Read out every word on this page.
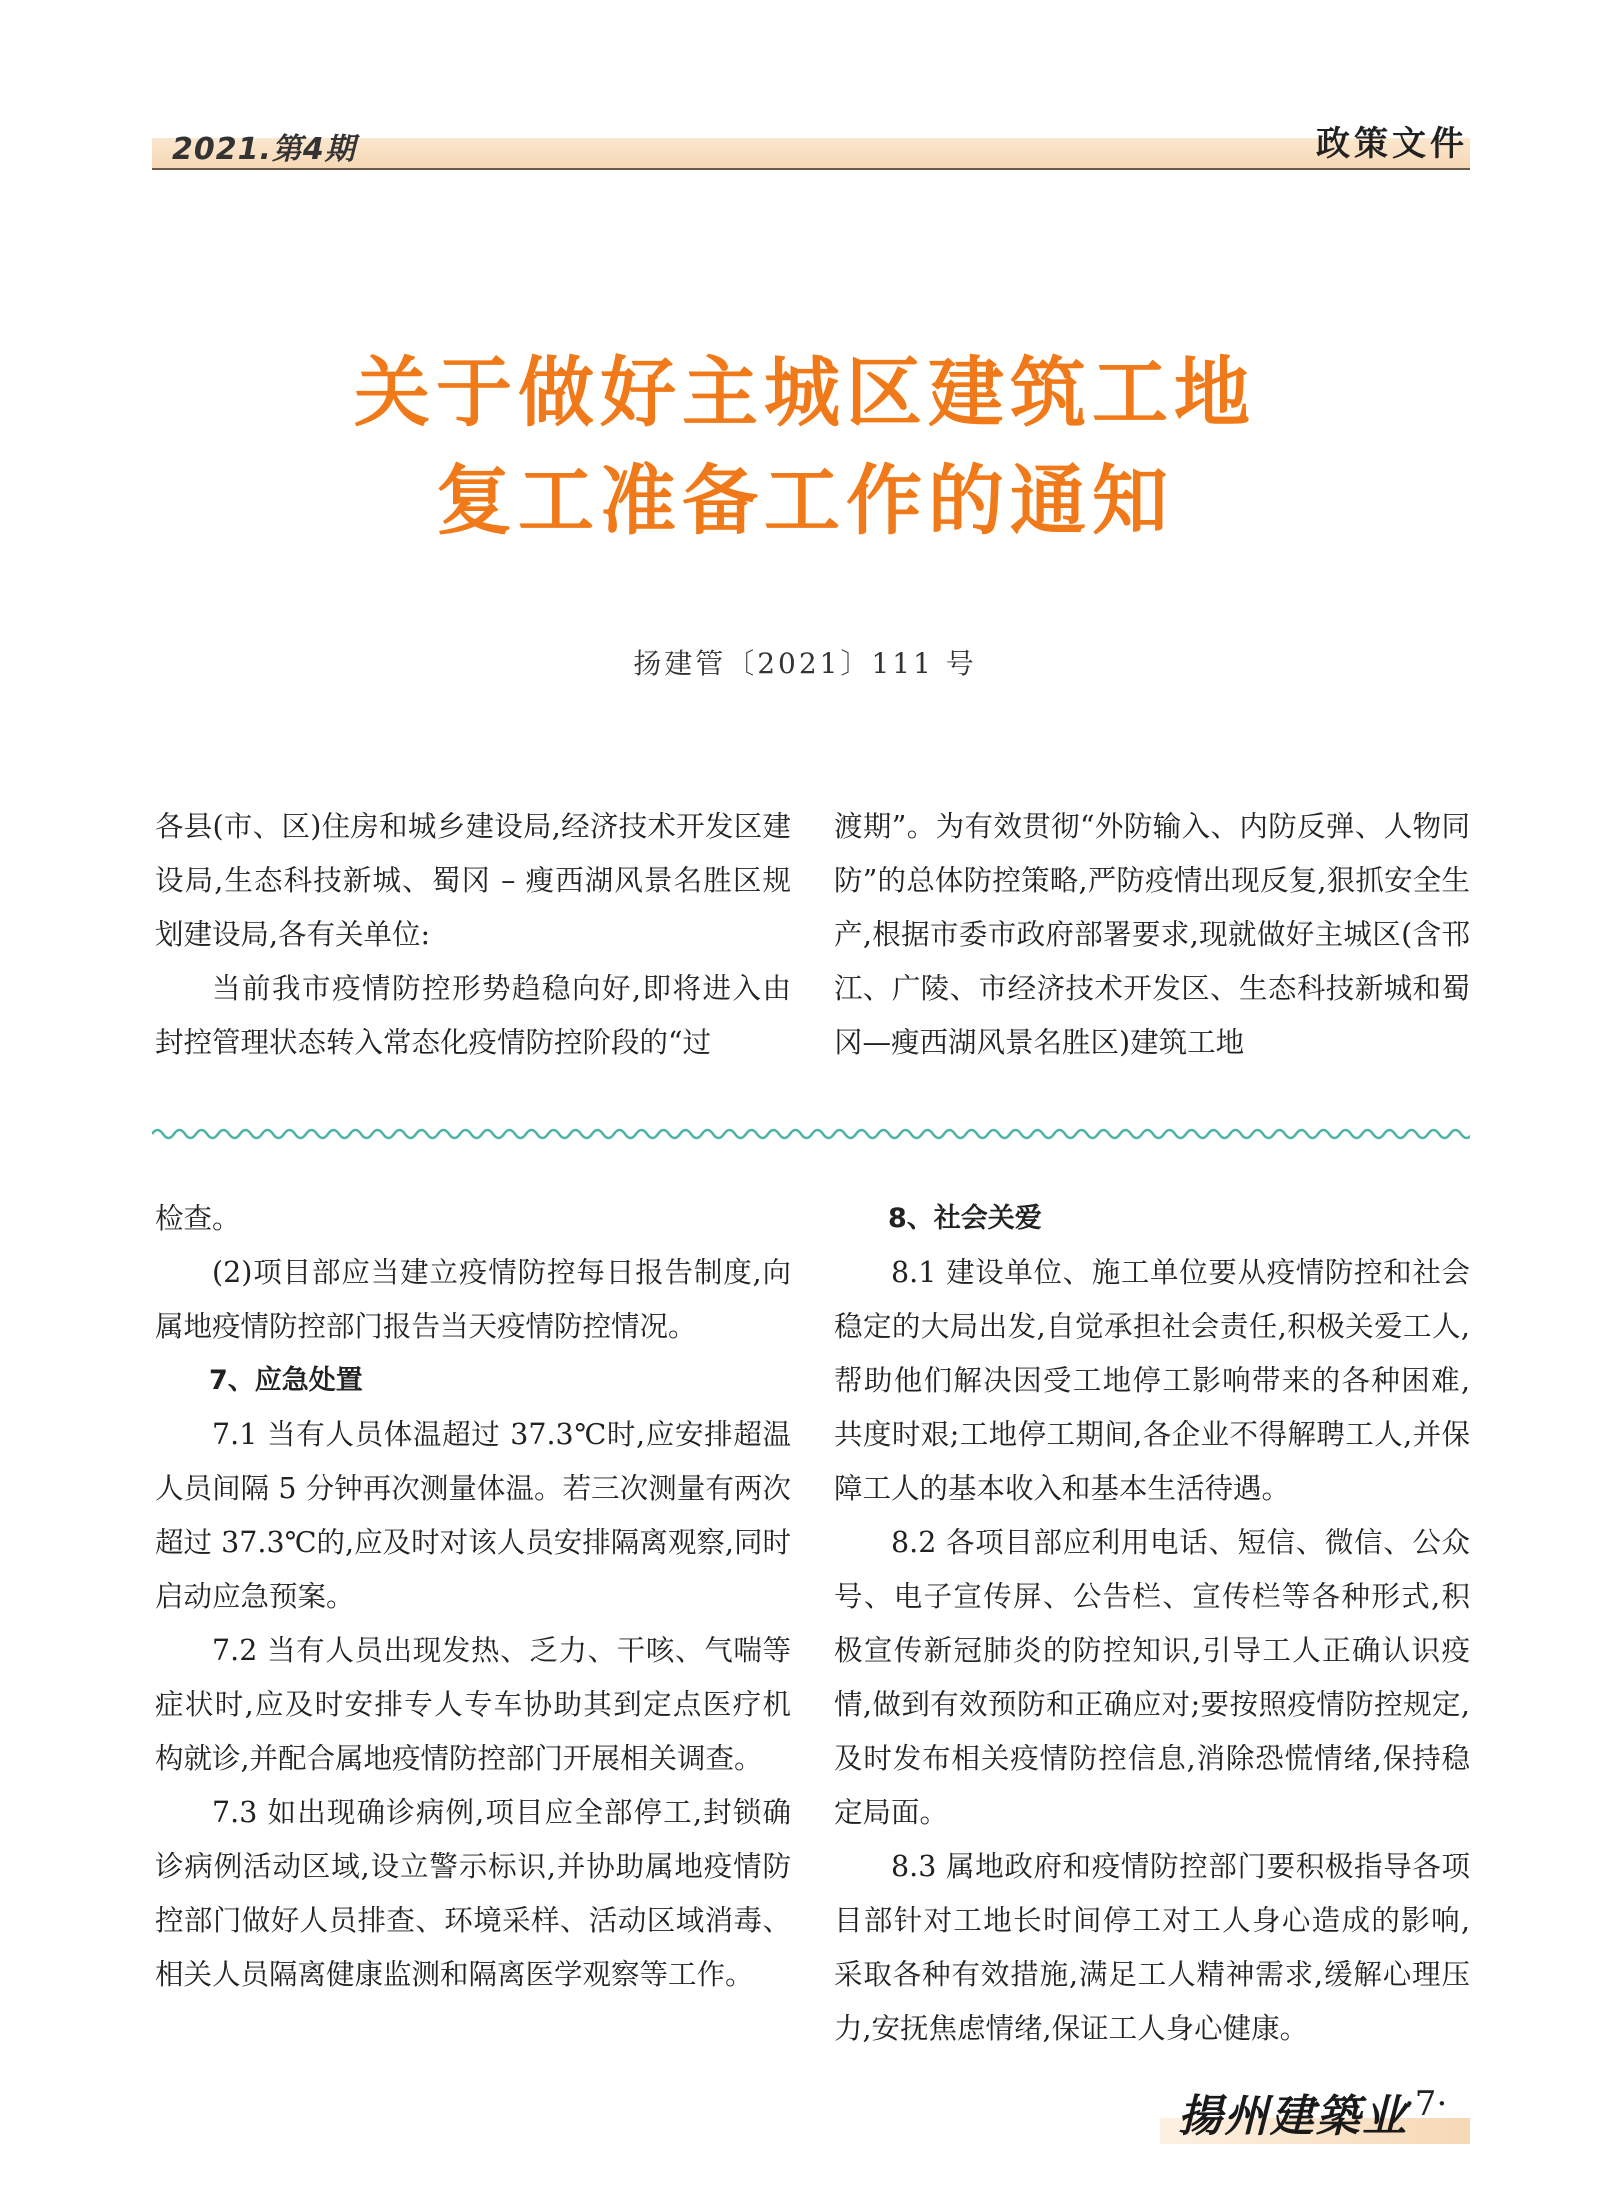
2021.第4期	政策文件
关于做好主城区建筑工地
复工准备工作的通知
扬建管〔2021〕111 号

各县(市、区)住房和城乡建设局,经济技术开发区建设局,生态科技新城、蜀冈 – 瘦西湖风景名胜区规划建设局,各有关单位:

当前我市疫情防控形势趋稳向好,即将进入由封控管理状态转入常态化疫情防控阶段的“过

渡期”。为有效贯彻“外防输入、内防反弹、人物同防”的总体防控策略,严防疫情出现反复,狠抓安全生产,根据市委市政府部署要求,现就做好主城区(含邗江、广陵、市经济技术开发区、生态科技新城和蜀冈—瘦西湖风景名胜区)建筑工地

检查。

(2)项目部应当建立疫情防控每日报告制度,向属地疫情防控部门报告当天疫情防控情况。

7、应急处置

7.1 当有人员体温超过 37.3℃时,应安排超温人员间隔 5 分钟再次测量体温。若三次测量有两次超过 37.3℃的,应及时对该人员安排隔离观察,同时启动应急预案。

7.2 当有人员出现发热、乏力、干咳、气喘等症状时,应及时安排专人专车协助其到定点医疗机构就诊,并配合属地疫情防控部门开展相关调查。

7.3 如出现确诊病例,项目应全部停工,封锁确诊病例活动区域,设立警示标识,并协助属地疫情防控部门做好人员排查、环境采样、活动区域消毒、相关人员隔离健康监测和隔离医学观察等工作。

8、社会关爱

8.1 建设单位、施工单位要从疫情防控和社会稳定的大局出发,自觉承担社会责任,积极关爱工人,帮助他们解决因受工地停工影响带来的各种困难,共度时艰;工地停工期间,各企业不得解聘工人,并保障工人的基本收入和基本生活待遇。

8.2 各项目部应利用电话、短信、微信、公众号、电子宣传屏、公告栏、宣传栏等各种形式,积极宣传新冠肺炎的防控知识,引导工人正确认识疫情,做到有效预防和正确应对;要按照疫情防控规定,及时发布相关疫情防控信息,消除恐慌情绪,保持稳定局面。

8.3 属地政府和疫情防控部门要积极指导各项目部针对工地长时间停工对工人身心造成的影响,采取各种有效措施,满足工人精神需求,缓解心理压力,安抚焦虑情绪,保证工人身心健康。

揚州建築业
·7·
